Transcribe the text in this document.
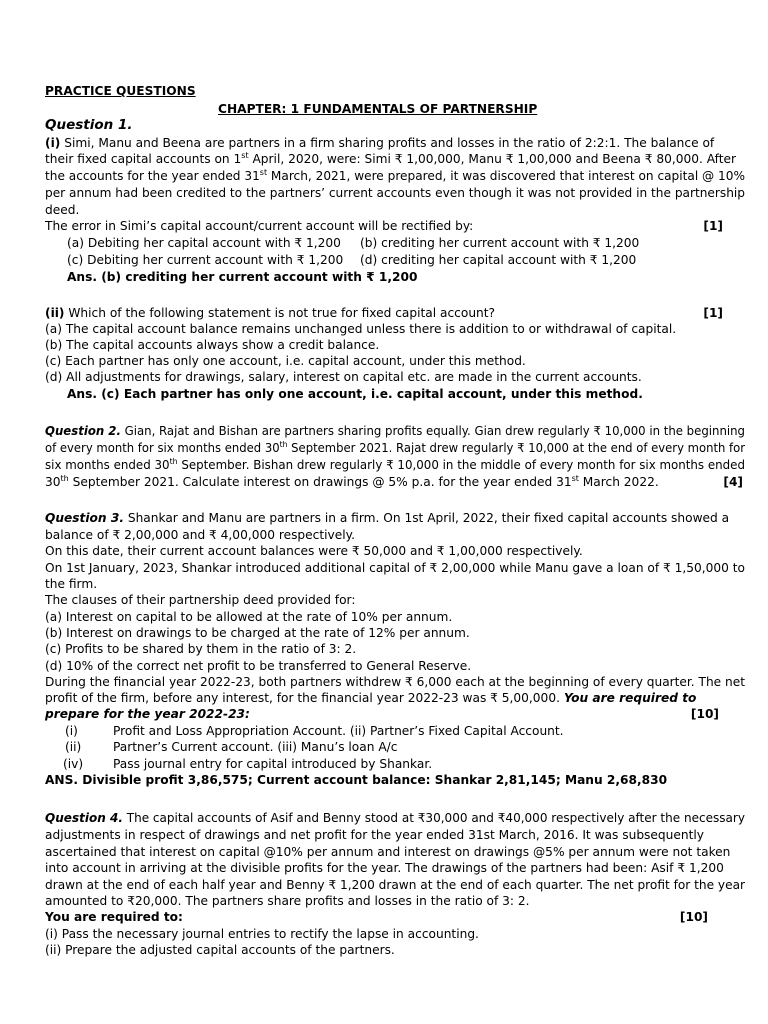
PRACTICE QUESTIONS
CHAPTER: 1 FUNDAMENTALS OF PARTNERSHIP
Question 1.
(i) Simi, Manu and Beena are partners in a firm sharing profits and losses in the ratio of 2:2:1. The balance of
their fixed capital accounts on 1st April, 2020, were: Simi ₹ 1,00,000, Manu ₹ 1,00,000 and Beena ₹ 80,000. After
the accounts for the year ended 31st March, 2021, were prepared, it was discovered that interest on capital @ 10%
per annum had been credited to the partners’ current accounts even though it was not provided in the partnership
deed.
The error in Simi’s capital account/current account will be rectified by:	[1]
(a) Debiting her capital account with ₹ 1,200 (b) crediting her current account with ₹ 1,200
(c) Debiting her current account with ₹ 1,200 (d) crediting her capital account with ₹ 1,200
Ans. (b) crediting her current account with ₹ 1,200
(ii) Which of the following statement is not true for fixed capital account?	[1]
(a) The capital account balance remains unchanged unless there is addition to or withdrawal of capital.
(b) The capital accounts always show a credit balance.
(c) Each partner has only one account, i.e. capital account, under this method.
(d) All adjustments for drawings, salary, interest on capital etc. are made in the current accounts.
Ans. (c) Each partner has only one account, i.e. capital account, under this method.
Question 2. Gian, Rajat and Bishan are partners sharing profits equally. Gian drew regularly ₹ 10,000 in the beginning
of every month for six months ended 30th September 2021. Rajat drew regularly ₹ 10,000 at the end of every month for
six months ended 30th September. Bishan drew regularly ₹ 10,000 in the middle of every month for six months ended
30th September 2021. Calculate interest on drawings @ 5% p.a. for the year ended 31st March 2022.	[4]
Question 3. Shankar and Manu are partners in a firm. On 1st April, 2022, their fixed capital accounts showed a
balance of ₹ 2,00,000 and ₹ 4,00,000 respectively.
On this date, their current account balances were ₹ 50,000 and ₹ 1,00,000 respectively.
On 1st January, 2023, Shankar introduced additional capital of ₹ 2,00,000 while Manu gave a loan of ₹ 1,50,000 to
the firm.
The clauses of their partnership deed provided for:
(a) Interest on capital to be allowed at the rate of 10% per annum.
(b) Interest on drawings to be charged at the rate of 12% per annum.
(c) Profits to be shared by them in the ratio of 3: 2.
(d) 10% of the correct net profit to be transferred to General Reserve.
During the financial year 2022-23, both partners withdrew ₹ 6,000 each at the beginning of every quarter. The net
profit of the firm, before any interest, for the financial year 2022-23 was ₹ 5,00,000. You are required to
prepare for the year 2022-23:	[10]
(i)	Profit and Loss Appropriation Account. (ii) Partner’s Fixed Capital Account.
(ii)	Partner’s Current account. (iii) Manu’s loan A/c
(iv) Pass journal entry for capital introduced by Shankar.
ANS. Divisible profit 3,86,575; Current account balance: Shankar 2,81,145; Manu 2,68,830
Question 4. The capital accounts of Asif and Benny stood at ₹30,000 and ₹40,000 respectively after the necessary
adjustments in respect of drawings and net profit for the year ended 31st March, 2016. It was subsequently
ascertained that interest on capital @10% per annum and interest on drawings @5% per annum were not taken
into account in arriving at the divisible profits for the year. The drawings of the partners had been: Asif ₹ 1,200
drawn at the end of each half year and Benny ₹ 1,200 drawn at the end of each quarter. The net profit for the year
amounted to ₹20,000. The partners share profits and losses in the ratio of 3: 2.
You are required to:	[10]
(i) Pass the necessary journal entries to rectify the lapse in accounting.
(ii) Prepare the adjusted capital accounts of the partners.
